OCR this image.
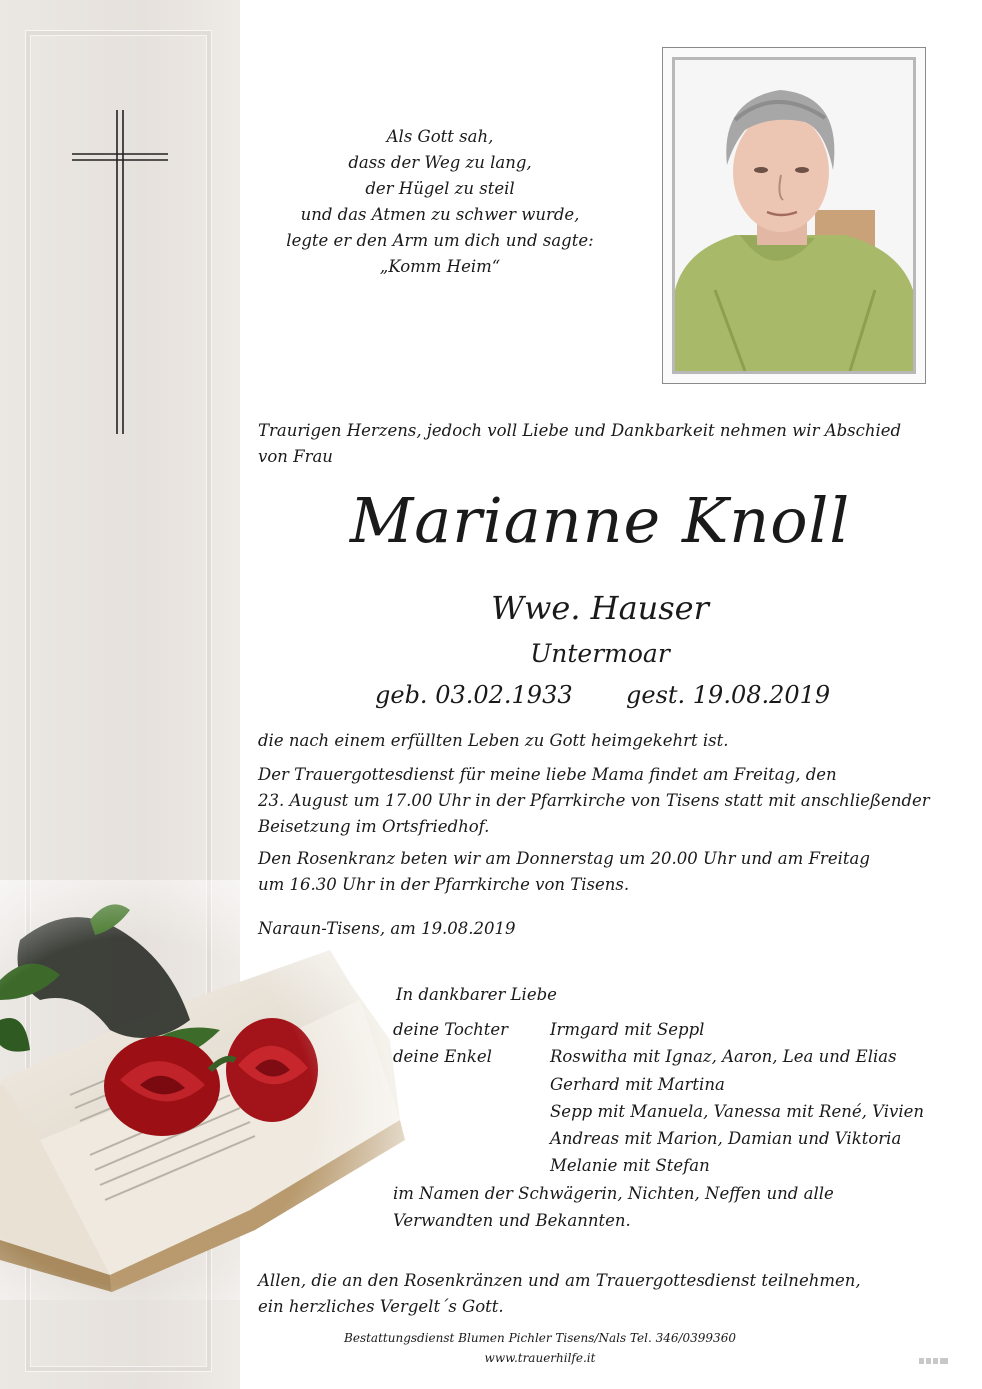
Als Gott sah,
dass der Weg zu lang,
der Hügel zu steil
und das Atmen zu schwer wurde,
legte er den Arm um dich und sagte:
„Komm Heim“
Traurigen Herzens, jedoch voll Liebe und Dankbarkeit nehmen wir Abschied
von Frau
Marianne Knoll
Wwe. Hauser
Untermoar
geb. 03.02.1933 gest. 19.08.2019
die nach einem erfüllten Leben zu Gott heimgekehrt ist.
Der Trauergottesdienst für meine liebe Mama findet am Freitag, den
23. August um 17.00 Uhr in der Pfarrkirche von Tisens statt mit anschließender
Beisetzung im Ortsfriedhof.
Den Rosenkranz beten wir am Donnerstag um 20.00 Uhr und am Freitag
um 16.30 Uhr in der Pfarrkirche von Tisens.
Naraun-Tisens, am 19.08.2019
In dankbarer Liebe
deine Tochter	Irmgard mit Seppl
deine Enkel	Roswitha mit Ignaz, Aaron, Lea und Elias
Gerhard mit Martina
Sepp mit Manuela, Vanessa mit René, Vivien
Andreas mit Marion, Damian und Viktoria
Melanie mit Stefan
im Namen der Schwägerin, Nichten, Neffen und alle
Verwandten und Bekannten.
Allen, die an den Rosenkränzen und am Trauergottesdienst teilnehmen,
ein herzliches Vergelt´s Gott.
Bestattungsdienst Blumen Pichler Tisens/Nals Tel. 346/0399360
www.trauerhilfe.it
